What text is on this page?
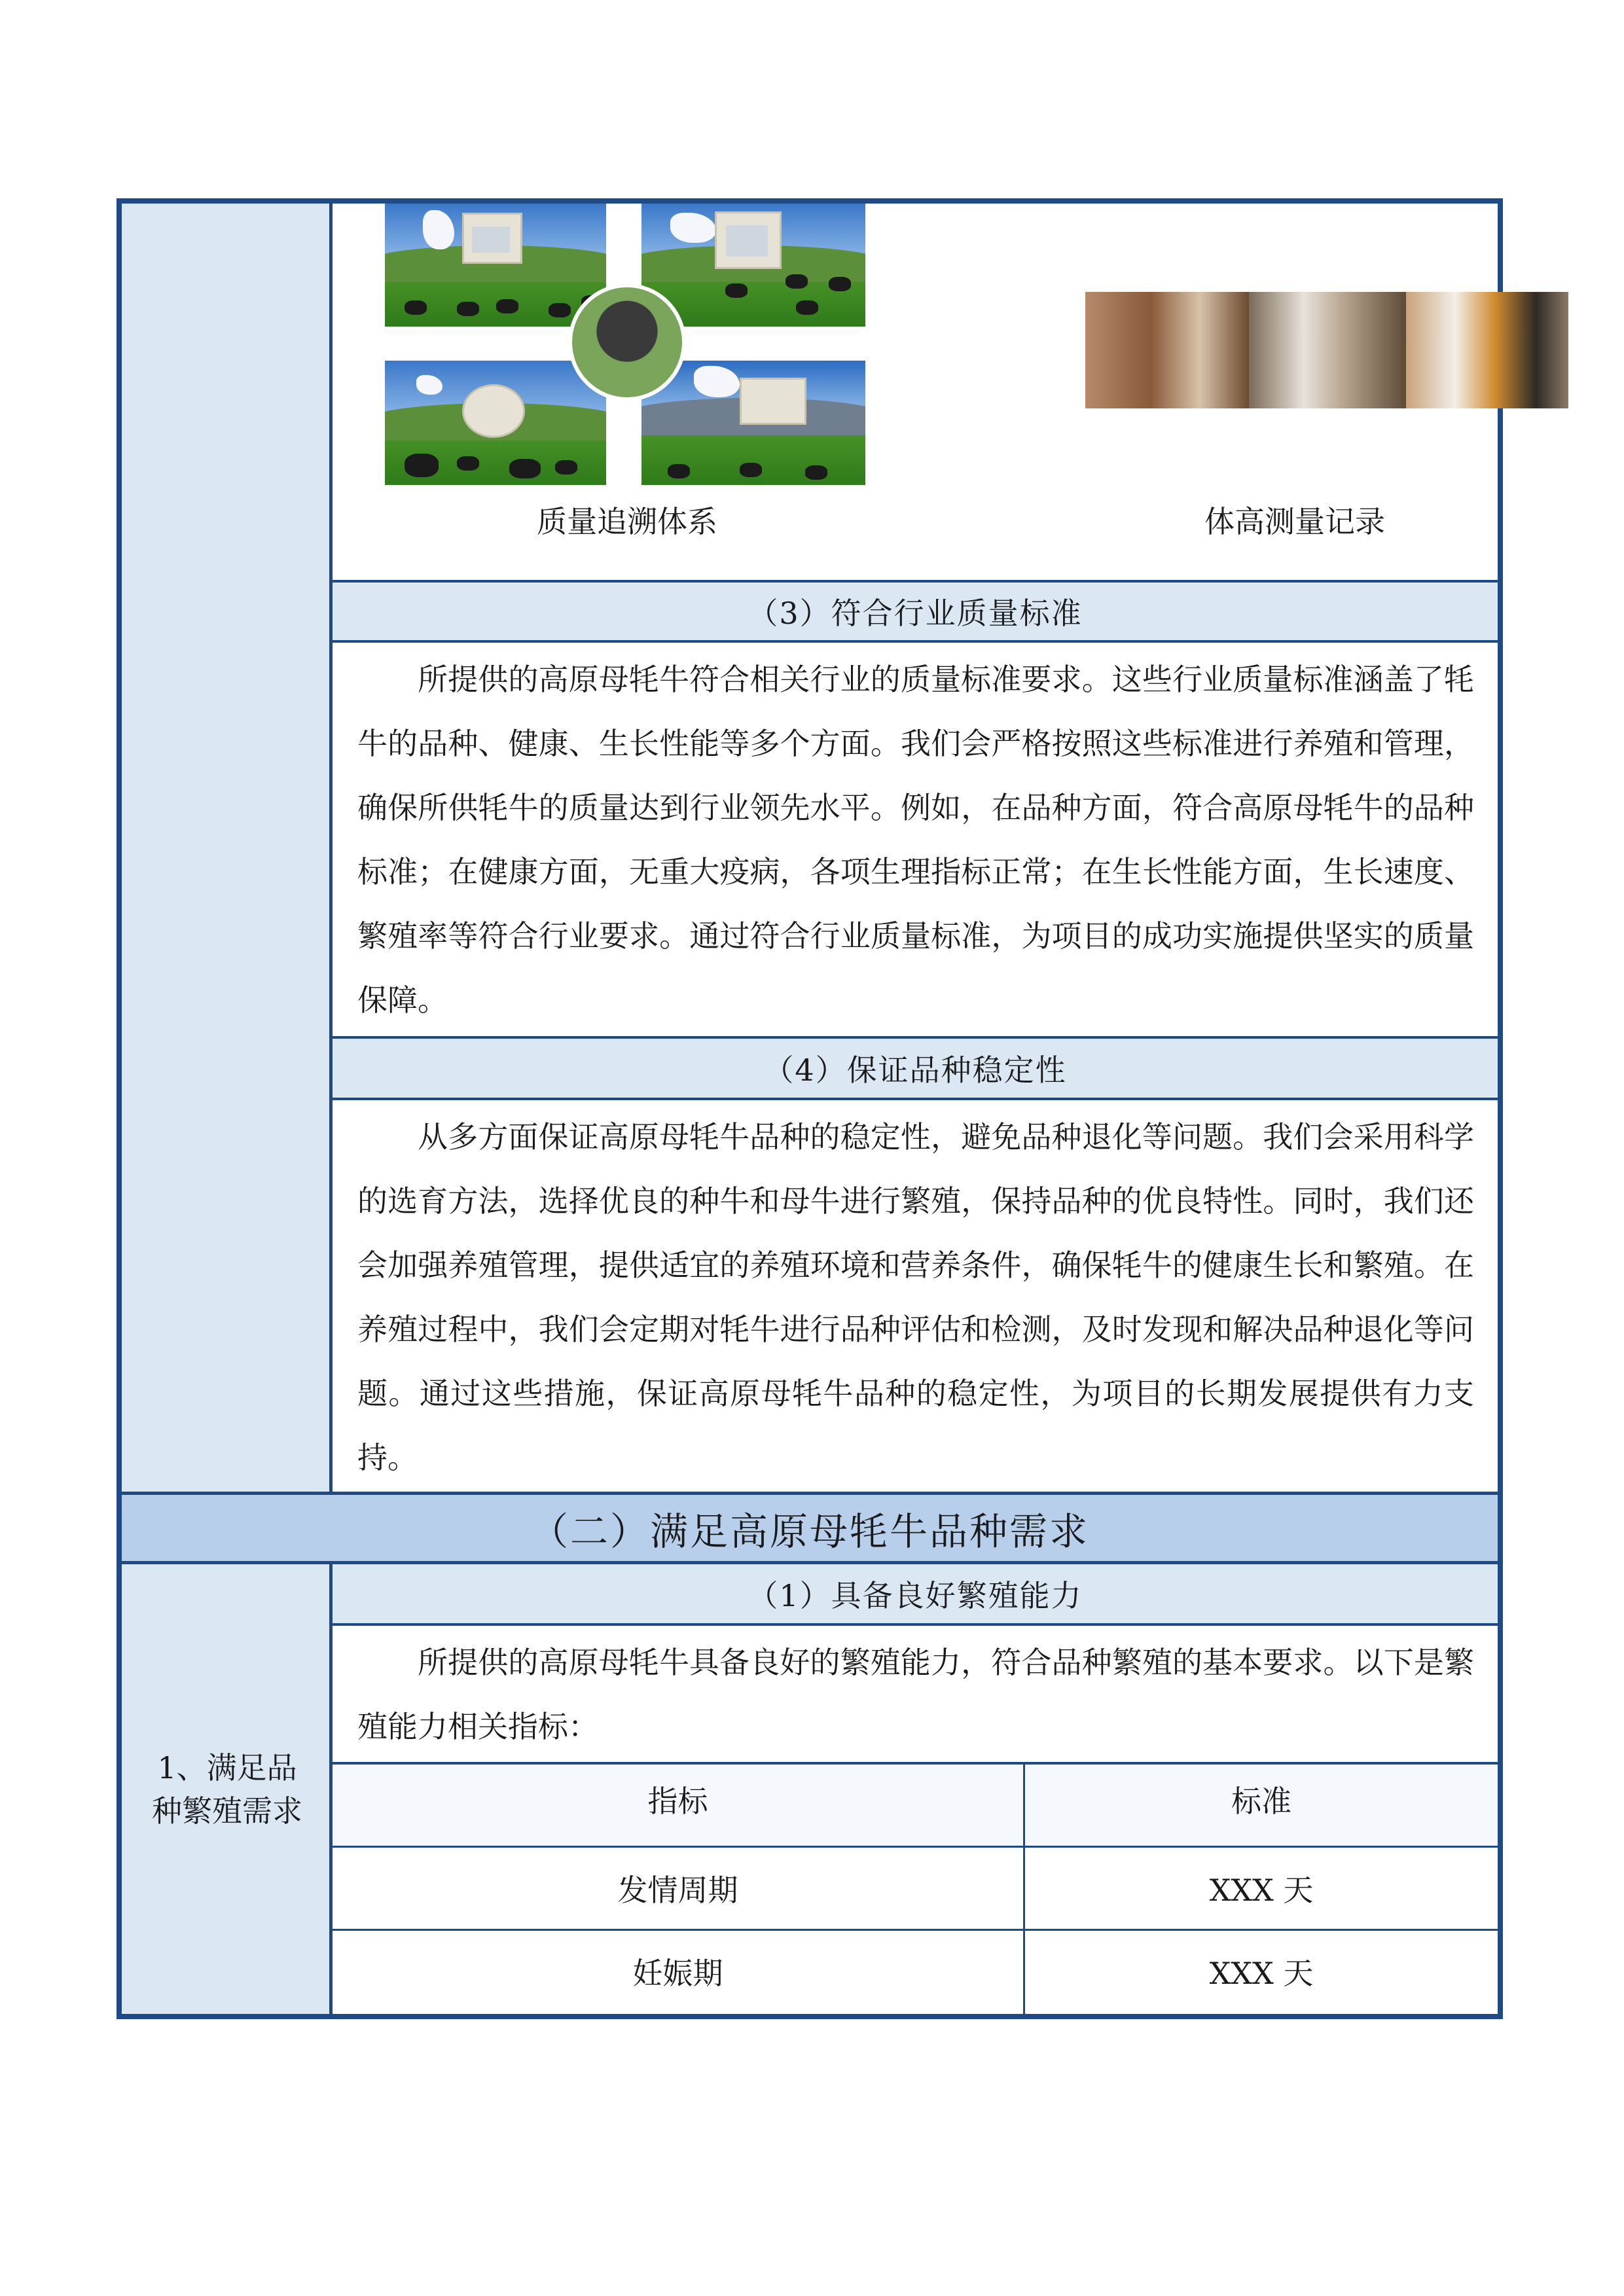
质量追溯体系	体高测量记录
（3）符合行业质量标准
所提供的高原母牦牛符合相关行业的质量标准要求。这些行业质量标准涵盖了牦牛的品种、健康、生长性能等多个方面。我们会严格按照这些标准进行养殖和管理，确保所供牦牛的质量达到行业领先水平。例如，在品种方面，符合高原母牦牛的品种标准；在健康方面，无重大疫病，各项生理指标正常；在生长性能方面，生长速度、繁殖率等符合行业要求。通过符合行业质量标准，为项目的成功实施提供坚实的质量保障。
（4）保证品种稳定性
从多方面保证高原母牦牛品种的稳定性，避免品种退化等问题。我们会采用科学的选育方法，选择优良的种牛和母牛进行繁殖，保持品种的优良特性。同时，我们还会加强养殖管理，提供适宜的养殖环境和营养条件，确保牦牛的健康生长和繁殖。在养殖过程中，我们会定期对牦牛进行品种评估和检测，及时发现和解决品种退化等问题。通过这些措施，保证高原母牦牛品种的稳定性，为项目的长期发展提供有力支持。
（二）满足高原母牦牛品种需求
1、满足品种繁殖需求
（1）具备良好繁殖能力
所提供的高原母牦牛具备良好的繁殖能力，符合品种繁殖的基本要求。以下是繁殖能力相关指标：
指标	标准
发情周期	XXX 天
妊娠期	XXX 天
